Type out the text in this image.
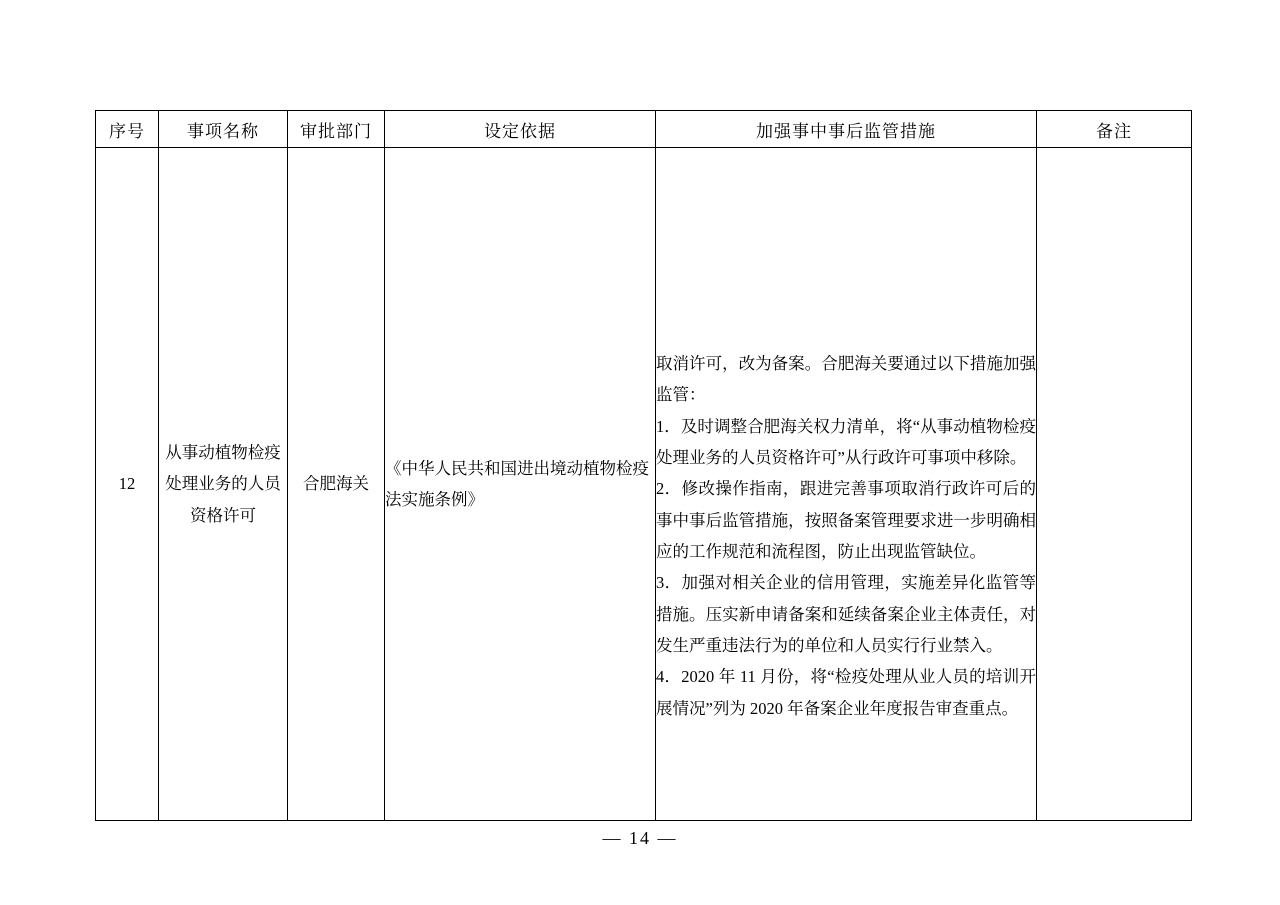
序号	事项名称	审批部门	设定依据	加强事中事后监管措施	备注
12	从事动植物检疫处理业务的人员资格许可	合肥海关	《中华人民共和国进出境动植物检疫法实施条例》	取消许可，改为备案。合肥海关要通过以下措施加强监管：

1．及时调整合肥海关权力清单，将“从事动植物检疫处理业务的人员资格许可”从行政许可事项中移除。

2．修改操作指南，跟进完善事项取消行政许可后的事中事后监管措施，按照备案管理要求进一步明确相应的工作规范和流程图，防止出现监管缺位。

3．加强对相关企业的信用管理，实施差异化监管等措施。压实新申请备案和延续备案企业主体责任，对发生严重违法行为的单位和人员实行行业禁入。

4．2020 年 11 月份，将“检疫处理从业人员的培训开展情况”列为 2020 年备案企业年度报告审查重点。	

— 14 —
